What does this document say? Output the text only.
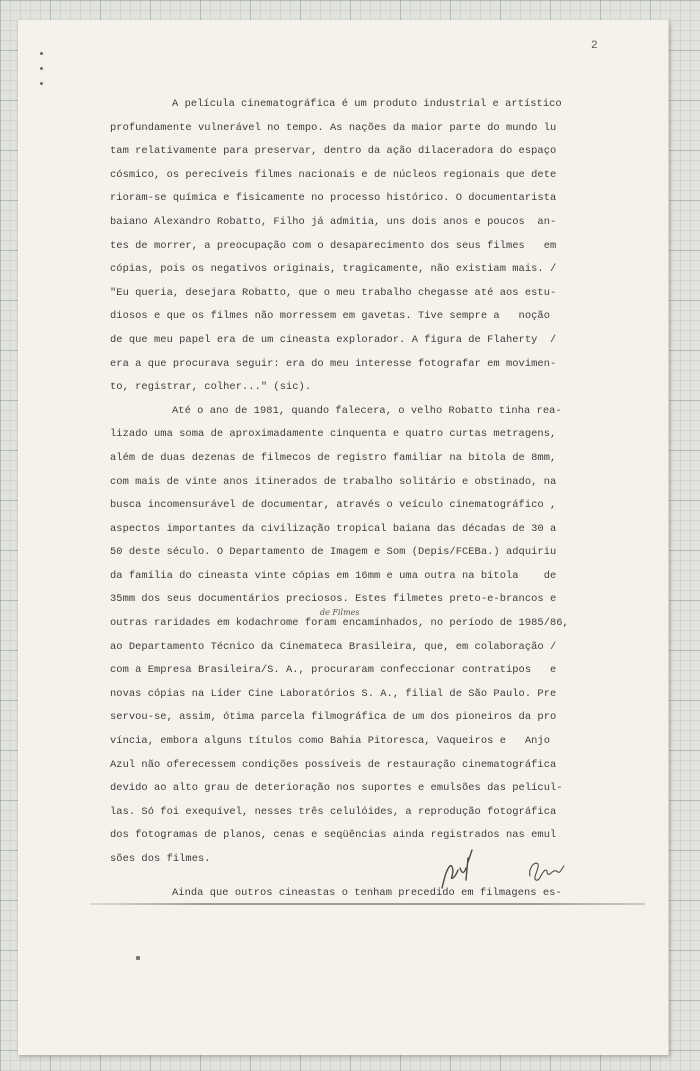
2
A película cinematográfica é um produto industrial e artístico
profundamente vulnerável no tempo. As nações da maior parte do mundo lu
tam relativamente para preservar, dentro da ação dilaceradora do espaço
cósmico, os perecíveis filmes nacionais e de núcleos regionais que dete
rioram-se química e fisicamente no processo histórico. O documentarista
baiano Alexandro Robatto, Filho já admitia, uns dois anos e poucos  an-
tes de morrer, a preocupação com o desaparecimento dos seus filmes   em
cópias, pois os negativos originais, tragicamente, não existiam mais. /
"Eu queria, desejara Robatto, que o meu trabalho chegasse até aos estu-
diosos e que os filmes não morressem em gavetas. Tive sempre a   noção
de que meu papel era de um cineasta explorador. A figura de Flaherty  /
era a que procurava seguir: era do meu interesse fotografar em movimen-
to, registrar, colher..." (sic).
Até o ano de 1981, quando falecera, o velho Robatto tinha rea-
lizado uma soma de aproximadamente cinquenta e quatro curtas metragens,
além de duas dezenas de filmecos de registro familiar na bitola de 8mm,
com mais de vinte anos itinerados de trabalho solitário e obstinado, na
busca incomensurável de documentar, através o veículo cinematográfico ,
aspectos importantes da civilização tropical baiana das décadas de 30 a
50 deste século. O Departamento de Imagem e Som (Depis/FCEBa.) adquiriu
da família do cineasta vinte cópias em 16mm e uma outra na bitola    de
35mm dos seus documentários preciosos. Estes filmetes preto-e-brancos e
outras raridades em kodachrome foram encaminhados, no período de 1985/86,
ao Departamento Técnico da Cinemateca Brasileira, que, em colaboração /
com a Empresa Brasileira/S. A., procuraram confeccionar contratipos   e
novas cópias na Líder Cine Laboratórios S. A., filial de São Paulo. Pre
servou-se, assim, ótima parcela filmográfica de um dos pioneiros da pro
víncia, embora alguns títulos como Bahia Pitoresca, Vaqueiros e   Anjo
Azul não oferecessem condições possíveis de restauração cinematográfica
devido ao alto grau de deterioração nos suportes e emulsões das películ-
las. Só foi exequível, nesses três celulóides, a reprodução fotográfica
dos fotogramas de planos, cenas e seqüências ainda registrados nas emul
sões dos filmes.
Ainda que outros cineastas o tenham precedido em filmagens es-
de Filmes
